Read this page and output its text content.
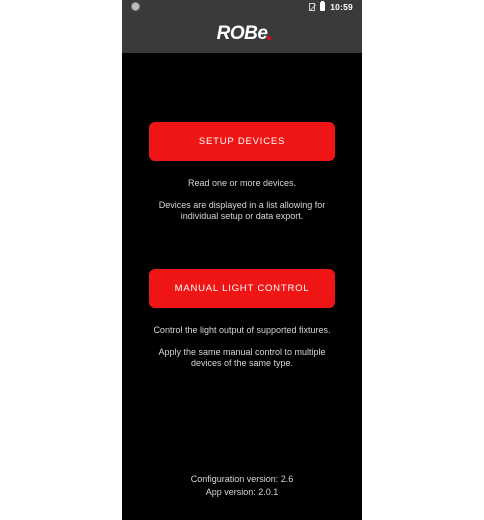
10:59
ROBe
SETUP DEVICES

Read one or more devices.

Devices are displayed in a list allowing for individual setup or data export.

MANUAL LIGHT CONTROL

Control the light output of supported fixtures.

Apply the same manual control to multiple devices of the same type.

Configuration version: 2.6
App version: 2.0.1
